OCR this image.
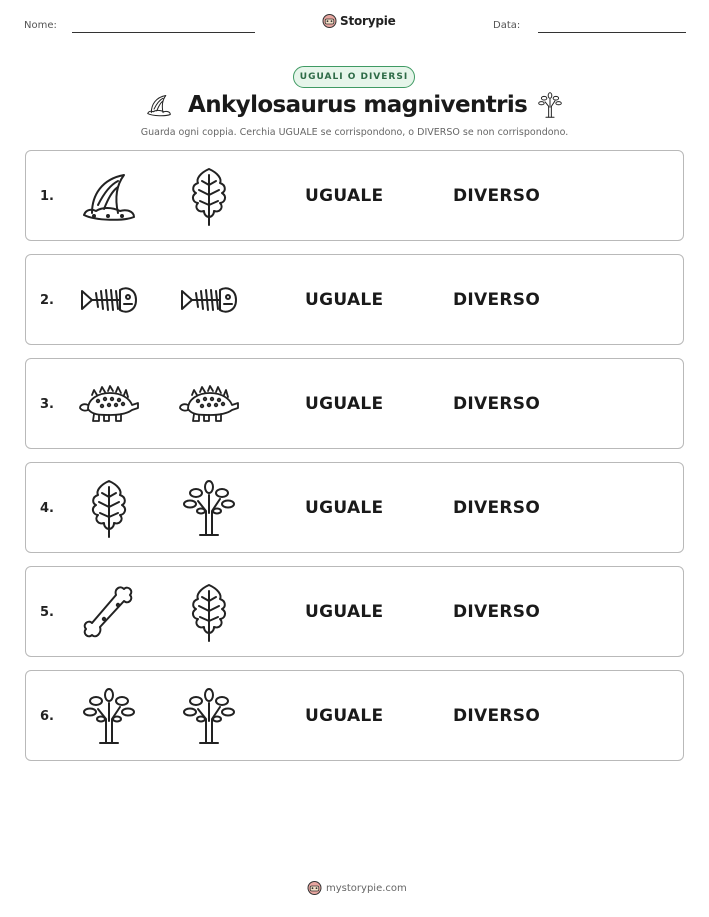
Nome:	Storypie	Data:
UGUALI O DIVERSI
Ankylosaurus magniventris
Guarda ogni coppia. Cerchia UGUALE se corrispondono, o DIVERSO se non corrispondono.
1.	UGUALE	DIVERSO
2.	UGUALE	DIVERSO
3.	UGUALE	DIVERSO
4.	UGUALE	DIVERSO
5.	UGUALE	DIVERSO
6.	UGUALE	DIVERSO
mystorypie.com
